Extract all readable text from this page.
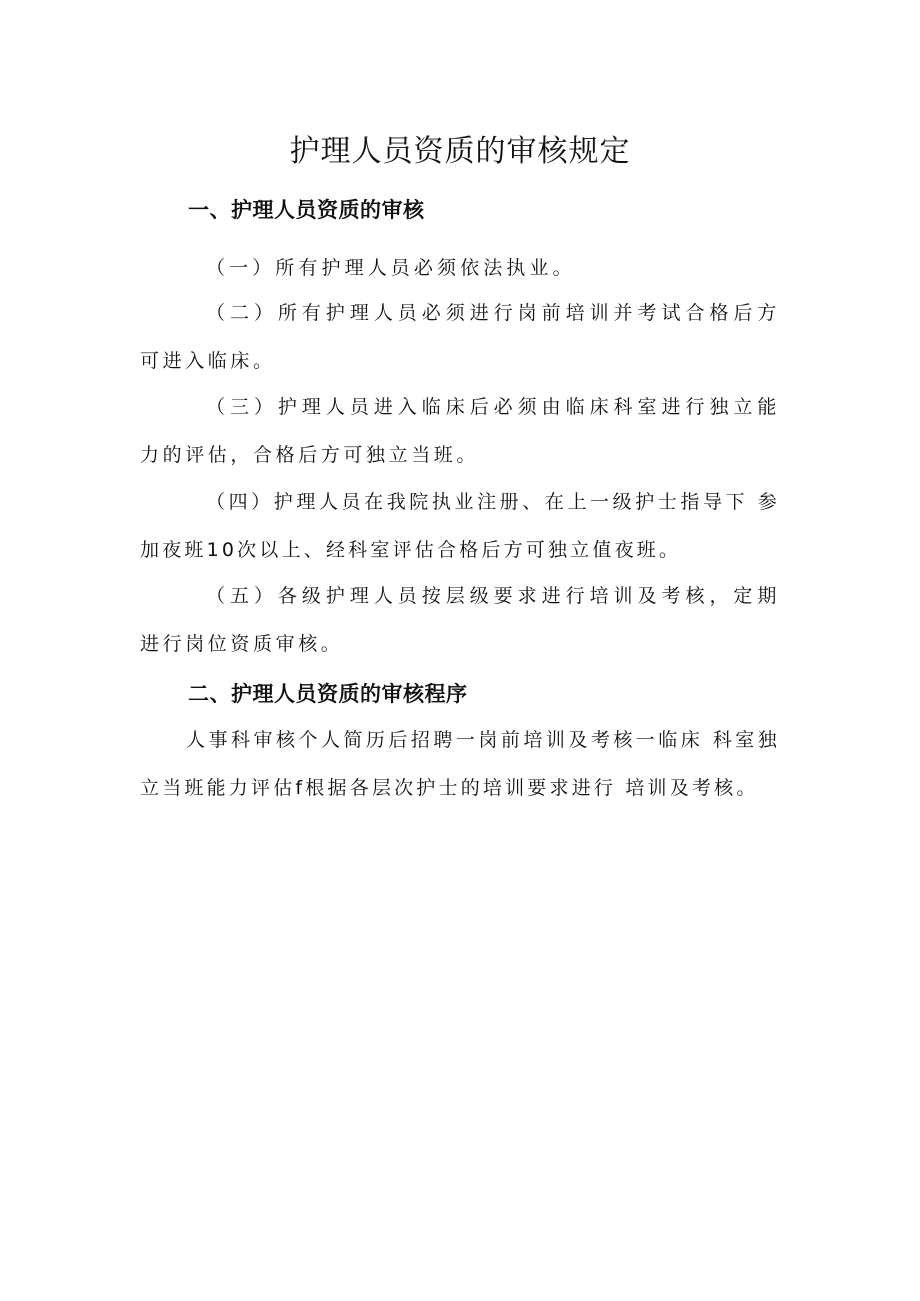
护理人员资质的审核规定
一、护理人员资质的审核

（一）所有护理人员必须依法执业。

（二）所有护理人员必须进行岗前培训并考试合格后方 可进入临床。

（三）护理人员进入临床后必须由临床科室进行独立能 力的评估，合格后方可独立当班。

（四）护理人员在我院执业注册、在上一级护士指导下 参加夜班10次以上、经科室评估合格后方可独立值夜班。

（五）各级护理人员按层级要求进行培训及考核，定期 进行岗位资质审核。

二、护理人员资质的审核程序

人事科审核个人简历后招聘一岗前培训及考核一临床 科室独立当班能力评估f根据各层次护士的培训要求进行 培训及考核。
